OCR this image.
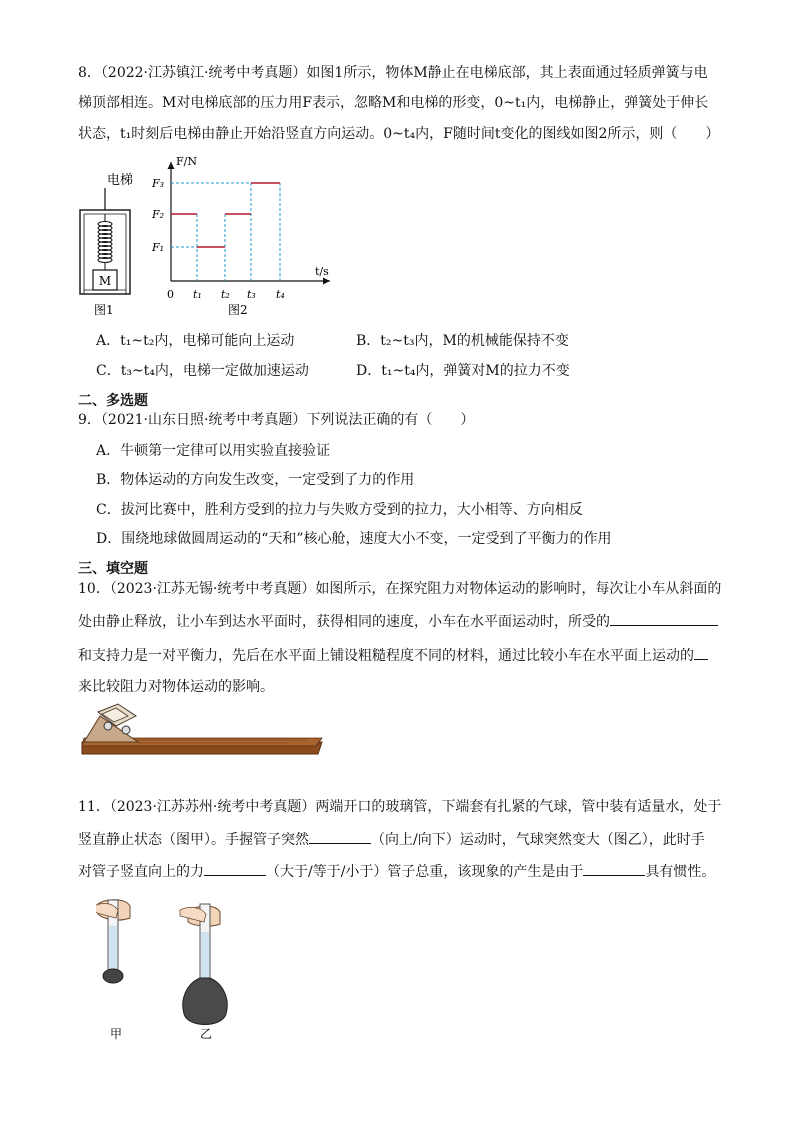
8．（2022·江苏镇江·统考中考真题）如图1所示，物体M静止在电梯底部，其上表面通过轻质弹簧与电
梯顶部相连。M对电梯底部的压力用F表示，忽略M和电梯的形变，0~t₁内，电梯静止，弹簧处于伸长
状态，t₁时刻后电梯由静止开始沿竖直方向运动。0~t₄内，F随时间t变化的图线如图2所示，则（　　）
M
电梯
图1
F/N
t/s
0
F₃
F₂
F₁
t₁ t₂ t₃ t₄
图2
A．t₁~t₂内，电梯可能向上运动	B．t₂~t₃内，M的机械能保持不变
C．t₃~t₄内，电梯一定做加速运动	D．t₁~t₄内，弹簧对M的拉力不变
二、多选题
9．（2021·山东日照·统考中考真题）下列说法正确的有（　　）
A．牛顿第一定律可以用实验直接验证
B．物体运动的方向发生改变，一定受到了力的作用
C．拔河比赛中，胜利方受到的拉力与失败方受到的拉力，大小相等、方向相反
D．围绕地球做圆周运动的“天和”核心舱，速度大小不变，一定受到了平衡力的作用
三、填空题
10．（2023·江苏无锡·统考中考真题）如图所示，在探究阻力对物体运动的影响时，每次让小车从斜面的
处由静止释放，让小车到达水平面时，获得相同的速度，小车在水平面运动时，所受的
和支持力是一对平衡力，先后在水平面上铺设粗糙程度不同的材料，通过比较小车在水平面上运动的
来比较阻力对物体运动的影响。
11．（2023·江苏苏州·统考中考真题）两端开口的玻璃管，下端套有扎紧的气球，管中装有适量水，处于
竖直静止状态（图甲）。手握管子突然	（向上/向下）运动时，气球突然变大（图乙），此时手
对管子竖直向上的力	（大于/等于/小于）管子总重，该现象的产生是由于	具有惯性。
甲	乙
